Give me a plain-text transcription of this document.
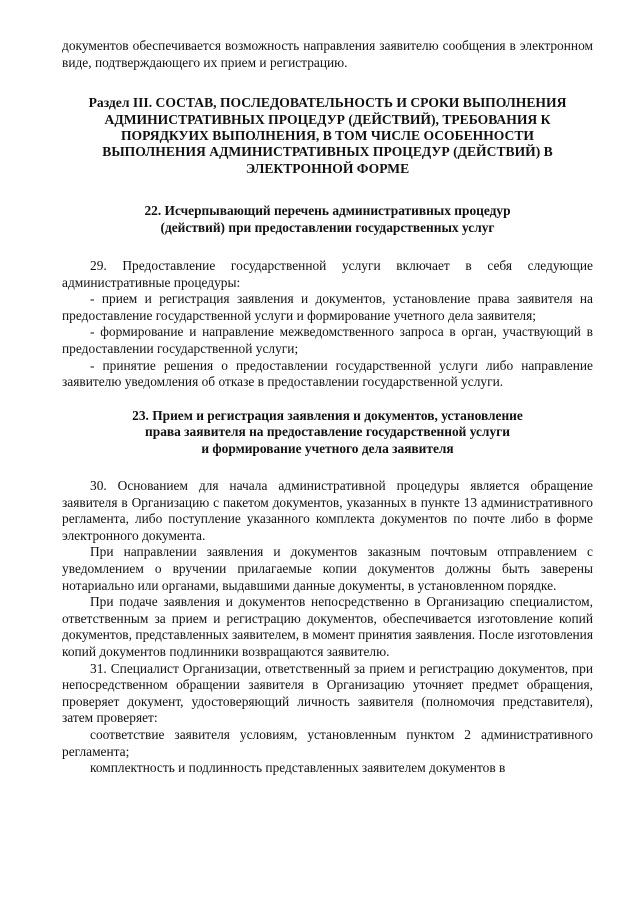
документов обеспечивается возможность направления заявителю сообщения в электронном виде, подтверждающего их прием и регистрацию.

Раздел III. СОСТАВ, ПОСЛЕДОВАТЕЛЬНОСТЬ И СРОКИ ВЫПОЛНЕНИЯ
АДМИНИСТРАТИВНЫХ ПРОЦЕДУР (ДЕЙСТВИЙ), ТРЕБОВАНИЯ К
ПОРЯДКУИХ ВЫПОЛНЕНИЯ, В ТОМ ЧИСЛЕ ОСОБЕННОСТИ
ВЫПОЛНЕНИЯ АДМИНИСТРАТИВНЫХ ПРОЦЕДУР (ДЕЙСТВИЙ) В
ЭЛЕКТРОННОЙ ФОРМЕ
22. Исчерпывающий перечень административных процедур
(действий) при предоставлении государственных услуг

29. Предоставление государственной услуги включает в себя следующие административные процедуры:

- прием и регистрация заявления и документов, установление права заявителя на предоставление государственной услуги и формирование учетного дела заявителя;

- формирование и направление межведомственного запроса в орган, участвующий в предоставлении государственной услуги;

- принятие решения о предоставлении государственной услуги либо направление заявителю уведомления об отказе в предоставлении государственной услуги.

23. Прием и регистрация заявления и документов, установление
права заявителя на предоставление государственной услуги
и формирование учетного дела заявителя

30. Основанием для начала административной процедуры является обращение заявителя в Организацию с пакетом документов, указанных в пункте 13 административного регламента, либо поступление указанного комплекта документов по почте либо в форме электронного документа.

При направлении заявления и документов заказным почтовым отправлением с уведомлением о вручении прилагаемые копии документов должны быть заверены нотариально или органами, выдавшими данные документы, в установленном порядке.

При подаче заявления и документов непосредственно в Организацию специалистом, ответственным за прием и регистрацию документов, обеспечивается изготовление копий документов, представленных заявителем, в момент принятия заявления. После изготовления копий документов подлинники возвращаются заявителю.

31. Специалист Организации, ответственный за прием и регистрацию документов, при непосредственном обращении заявителя в Организацию уточняет предмет обращения, проверяет документ, удостоверяющий личность заявителя (полномочия представителя), затем проверяет:

соответствие заявителя условиям, установленным пунктом 2 административного регламента;

комплектность и подлинность представленных заявителем документов в
